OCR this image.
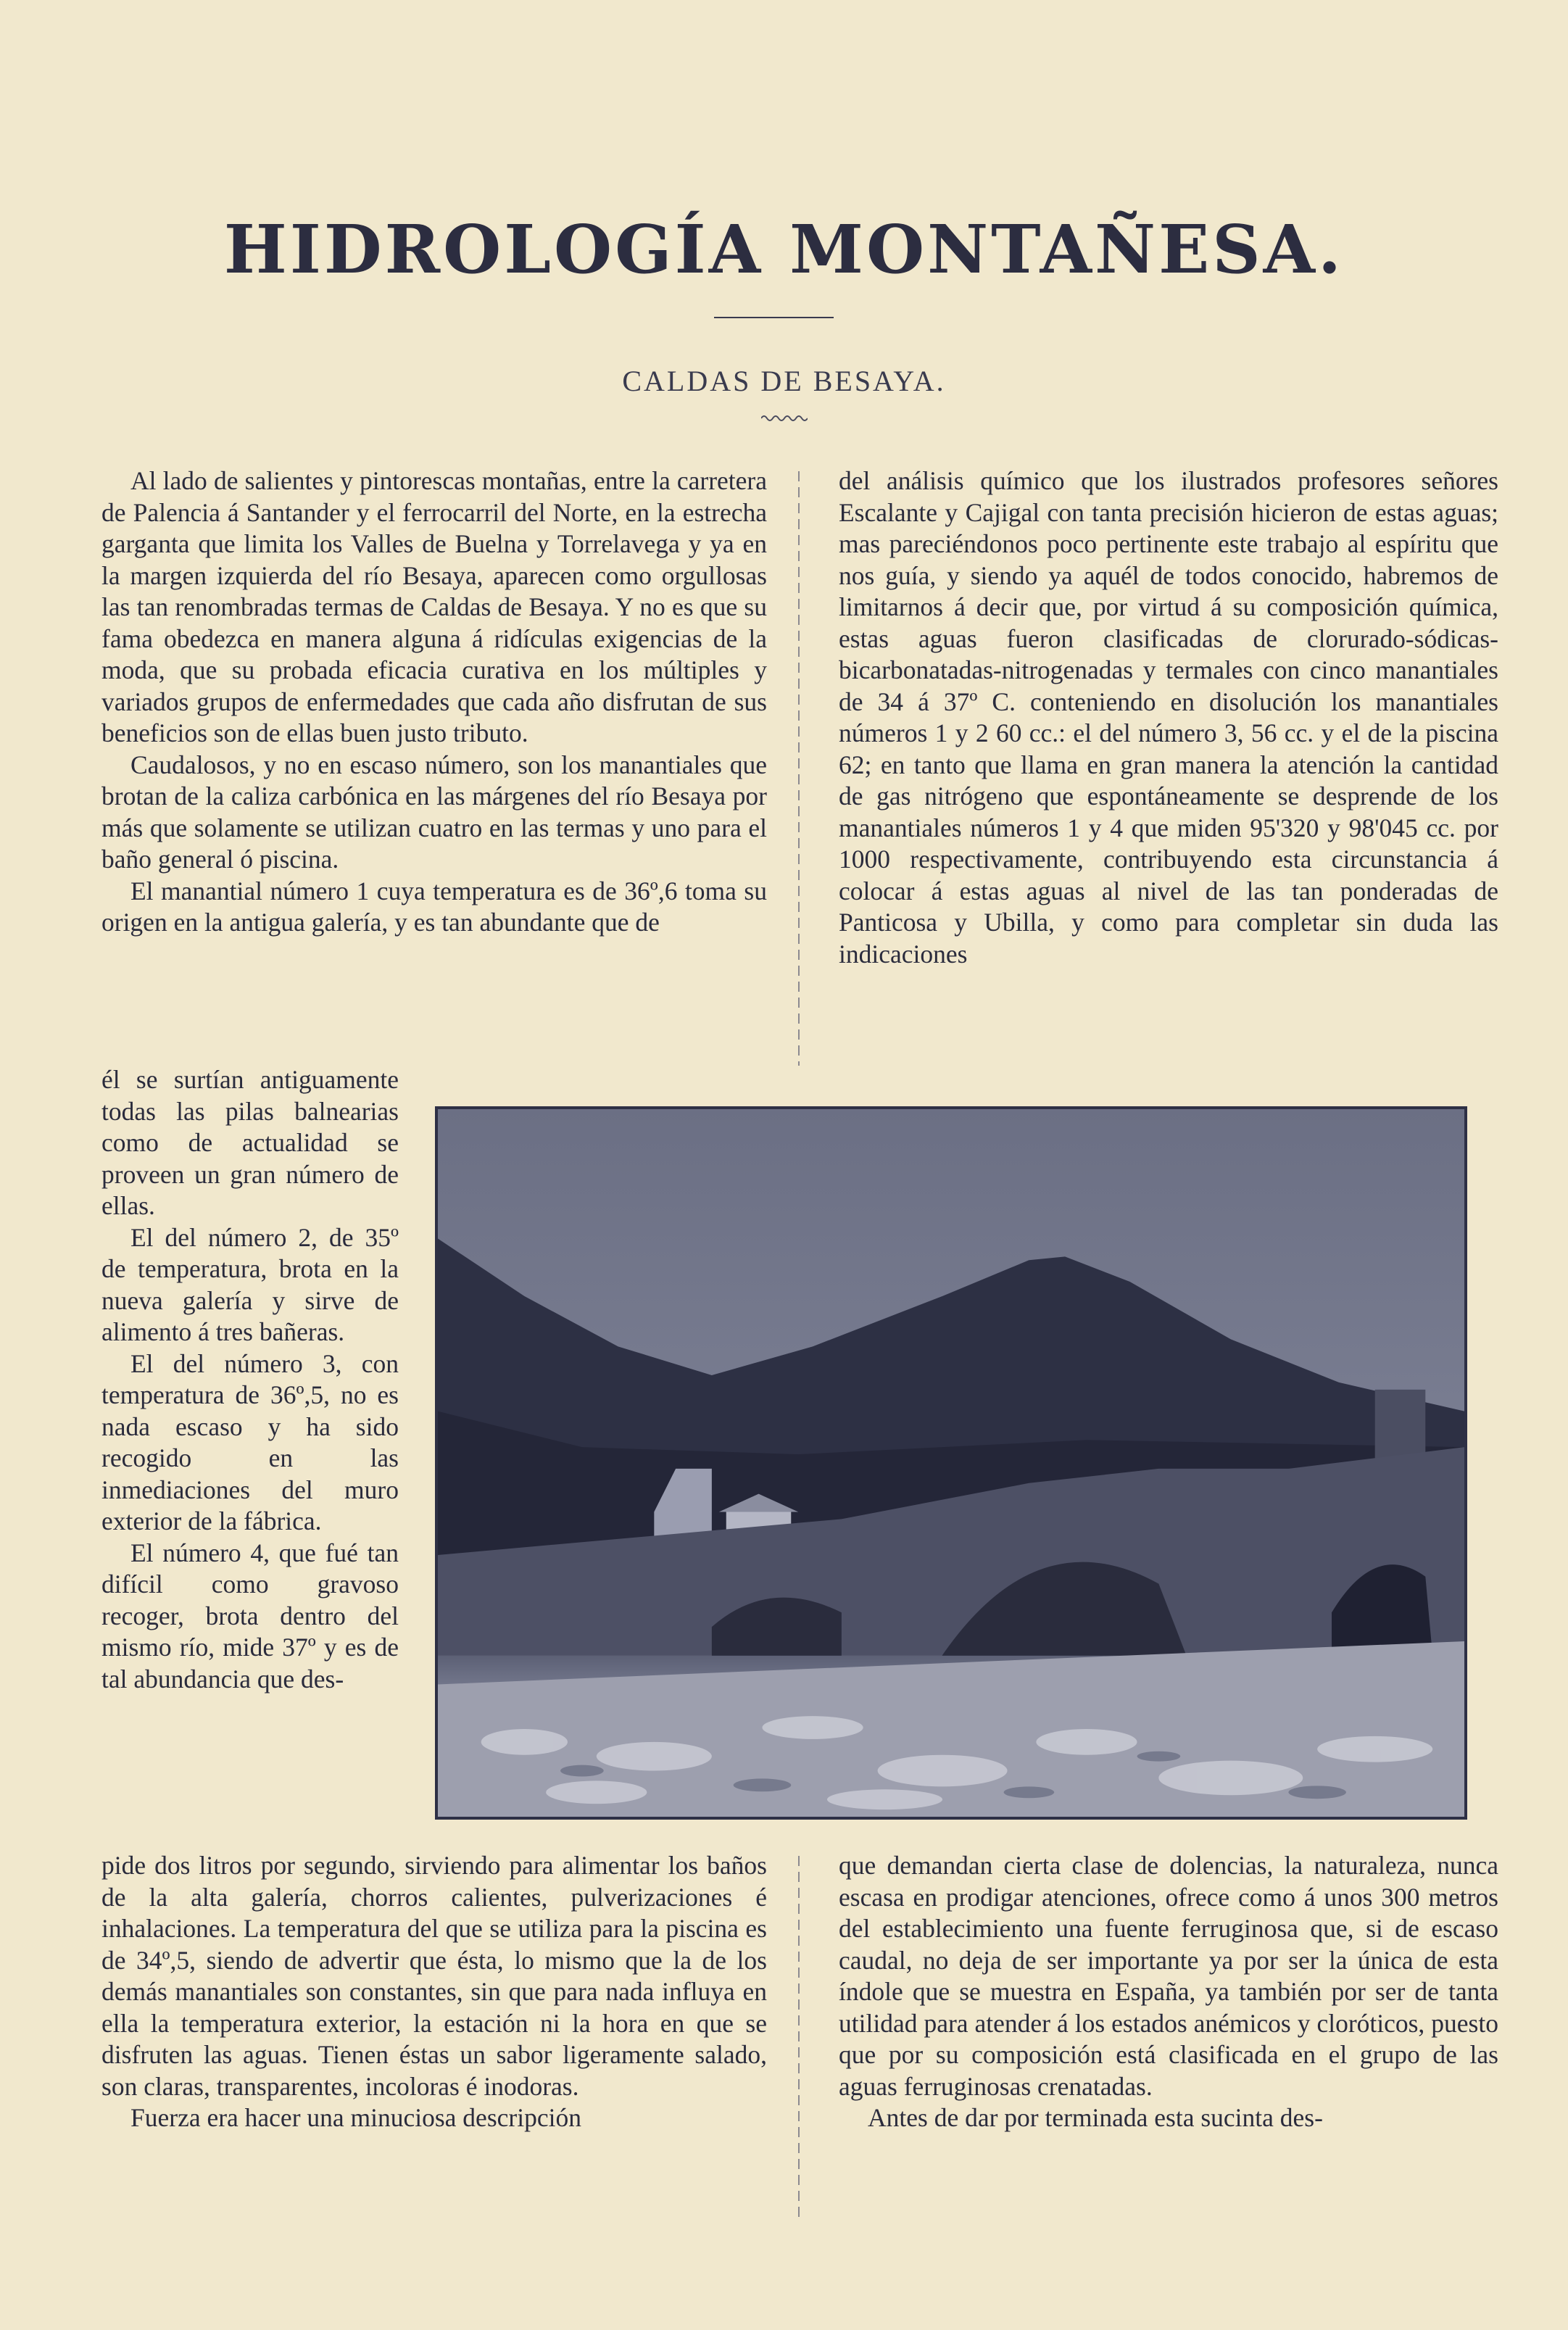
HIDROLOGÍA MONTAÑESA.
CALDAS DE BESAYA.

Al lado de salientes y pintorescas montañas, entre la carretera de Palencia á Santander y el ferrocarril del Norte, en la estrecha garganta que limita los Valles de Buelna y Torrelavega y ya en la margen izquierda del río Besaya, aparecen como orgullosas las tan renombradas termas de Caldas de Besaya. Y no es que su fama obedezca en manera alguna á ridículas exigencias de la moda, que su probada eficacia curativa en los múltiples y variados grupos de enfermedades que cada año disfrutan de sus beneficios son de ellas buen justo tributo.

Caudalosos, y no en escaso número, son los manantiales que brotan de la caliza carbónica en las márgenes del río Besaya por más que solamente se utilizan cuatro en las termas y uno para el baño general ó piscina.

El manantial número 1 cuya temperatura es de 36º,6 toma su origen en la antigua galería, y es tan abundante que de

del análisis químico que los ilustrados profesores señores Escalante y Cajigal con tanta precisión hicieron de estas aguas; mas pareciéndonos poco pertinente este trabajo al espíritu que nos guía, y siendo ya aquél de todos conocido, habremos de limitarnos á decir que, por virtud á su composición química, estas aguas fueron clasificadas de clorurado-sódicas-bicarbonatadas-nitrogenadas y termales con cinco manantiales de 34 á 37º C. conteniendo en disolución los manantiales números 1 y 2 60 cc.: el del número 3, 56 cc. y el de la piscina 62; en tanto que llama en gran manera la atención la cantidad de gas nitrógeno que espontáneamente se desprende de los manantiales números 1 y 4 que miden 95'320 y 98'045 cc. por 1000 respectivamente, contribuyendo esta circunstancia á colocar á estas aguas al nivel de las tan ponderadas de Panticosa y Ubilla, y como para completar sin duda las indicaciones

él se surtían antiguamente todas las pilas balnearias como de actualidad se proveen un gran número de ellas.

El del número 2, de 35º de temperatura, brota en la nueva galería y sirve de alimento á tres bañeras.

El del número 3, con temperatura de 36º,5, no es nada escaso y ha sido recogido en las inmediaciones del muro exterior de la fábrica.

El número 4, que fué tan difícil como gravoso recoger, brota dentro del mismo río, mide 37º y es de tal abundancia que des-

pide dos litros por segundo, sirviendo para alimentar los baños de la alta galería, chorros calientes, pulverizaciones é inhalaciones. La temperatura del que se utiliza para la piscina es de 34º,5, siendo de advertir que ésta, lo mismo que la de los demás manantiales son constantes, sin que para nada influya en ella la temperatura exterior, la estación ni la hora en que se disfruten las aguas. Tienen éstas un sabor ligeramente salado, son claras, transparentes, incoloras é inodoras.

Fuerza era hacer una minuciosa descripción

que demandan cierta clase de dolencias, la naturaleza, nunca escasa en prodigar atenciones, ofrece como á unos 300 metros del establecimiento una fuente ferruginosa que, si de escaso caudal, no deja de ser importante ya por ser la única de esta índole que se muestra en España, ya también por ser de tanta utilidad para atender á los estados anémicos y cloróticos, puesto que por su composición está clasificada en el grupo de las aguas ferruginosas crenatadas.

Antes de dar por terminada esta sucinta des-
